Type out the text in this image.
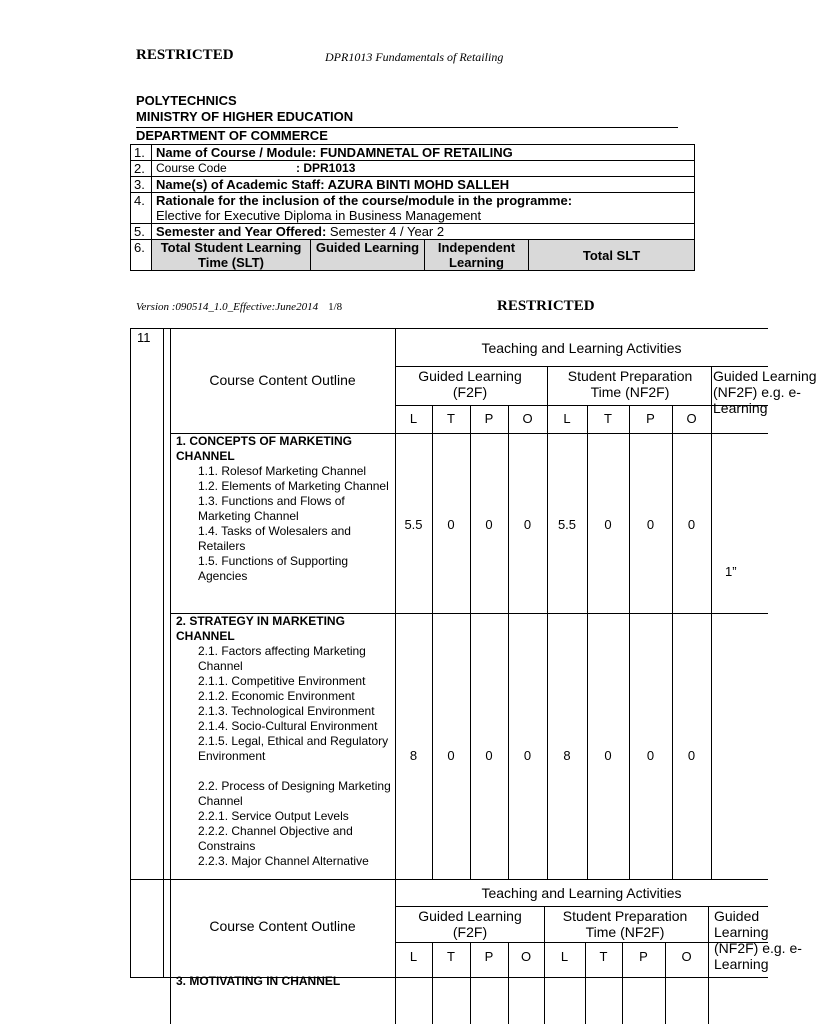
RESTRICTED	DPR1013 Fundamentals of Retailing
POLYTECHNICS
MINISTRY OF HIGHER EDUCATION
DEPARTMENT OF COMMERCE
1.	Name of Course / Module: FUNDAMNETAL OF RETAILING			
2.	Course Code : DPR1013			
3.	Name(s) of Academic Staff: AZURA BINTI MOHD SALLEH			
4.	Rationale for the inclusion of the course/module in the programme:
Elective for Executive Diploma in Business Management			
5.	Semester and Year Offered: Semester 4 / Year 2			
6.	Total Student Learning Time (SLT)	Guided Learning	Independent Learning	Total SLT
Version :090514_1.0_Effective:June2014 1/8	RESTRICTED
11
Teaching and Learning Activities
Course Content Outline	Guided Learning (F2F)
Student Preparation Time (NF2F)
Guided Learning (NF2F) e.g. e-Learning
L	T	P	O	L	T	P	O
1. CONCEPTS OF MARKETING CHANNEL
1.1. Rolesof Marketing Channel
1.2. Elements of Marketing Channel
1.3. Functions and Flows of Marketing Channel
1.4. Tasks of Wolesalers and Retailers
1.5. Functions of Supporting Agencies
5.5	0	0	0	5.5	0	0	0
1”
2. STRATEGY IN MARKETING CHANNEL
2.1. Factors affecting Marketing Channel
2.1.1. Competitive Environment
2.1.2. Economic Environment
2.1.3. Technological Environment
2.1.4. Socio-Cultural Environment
2.1.5. Legal, Ethical and Regulatory Environment
2.2. Process of Designing Marketing Channel
2.2.1. Service Output Levels
2.2.2. Channel Objective and Constrains
2.2.3. Major Channel Alternative
8	0	0	0	8	0	0	0
Teaching and Learning Activities
Course Content Outline
Guided Learning (F2F)
Student Preparation Time (NF2F)
Guided Learning (NF2F) e.g. e-Learning
L	T	P	O	L	T	P	O
3. MOTIVATING IN CHANNEL
